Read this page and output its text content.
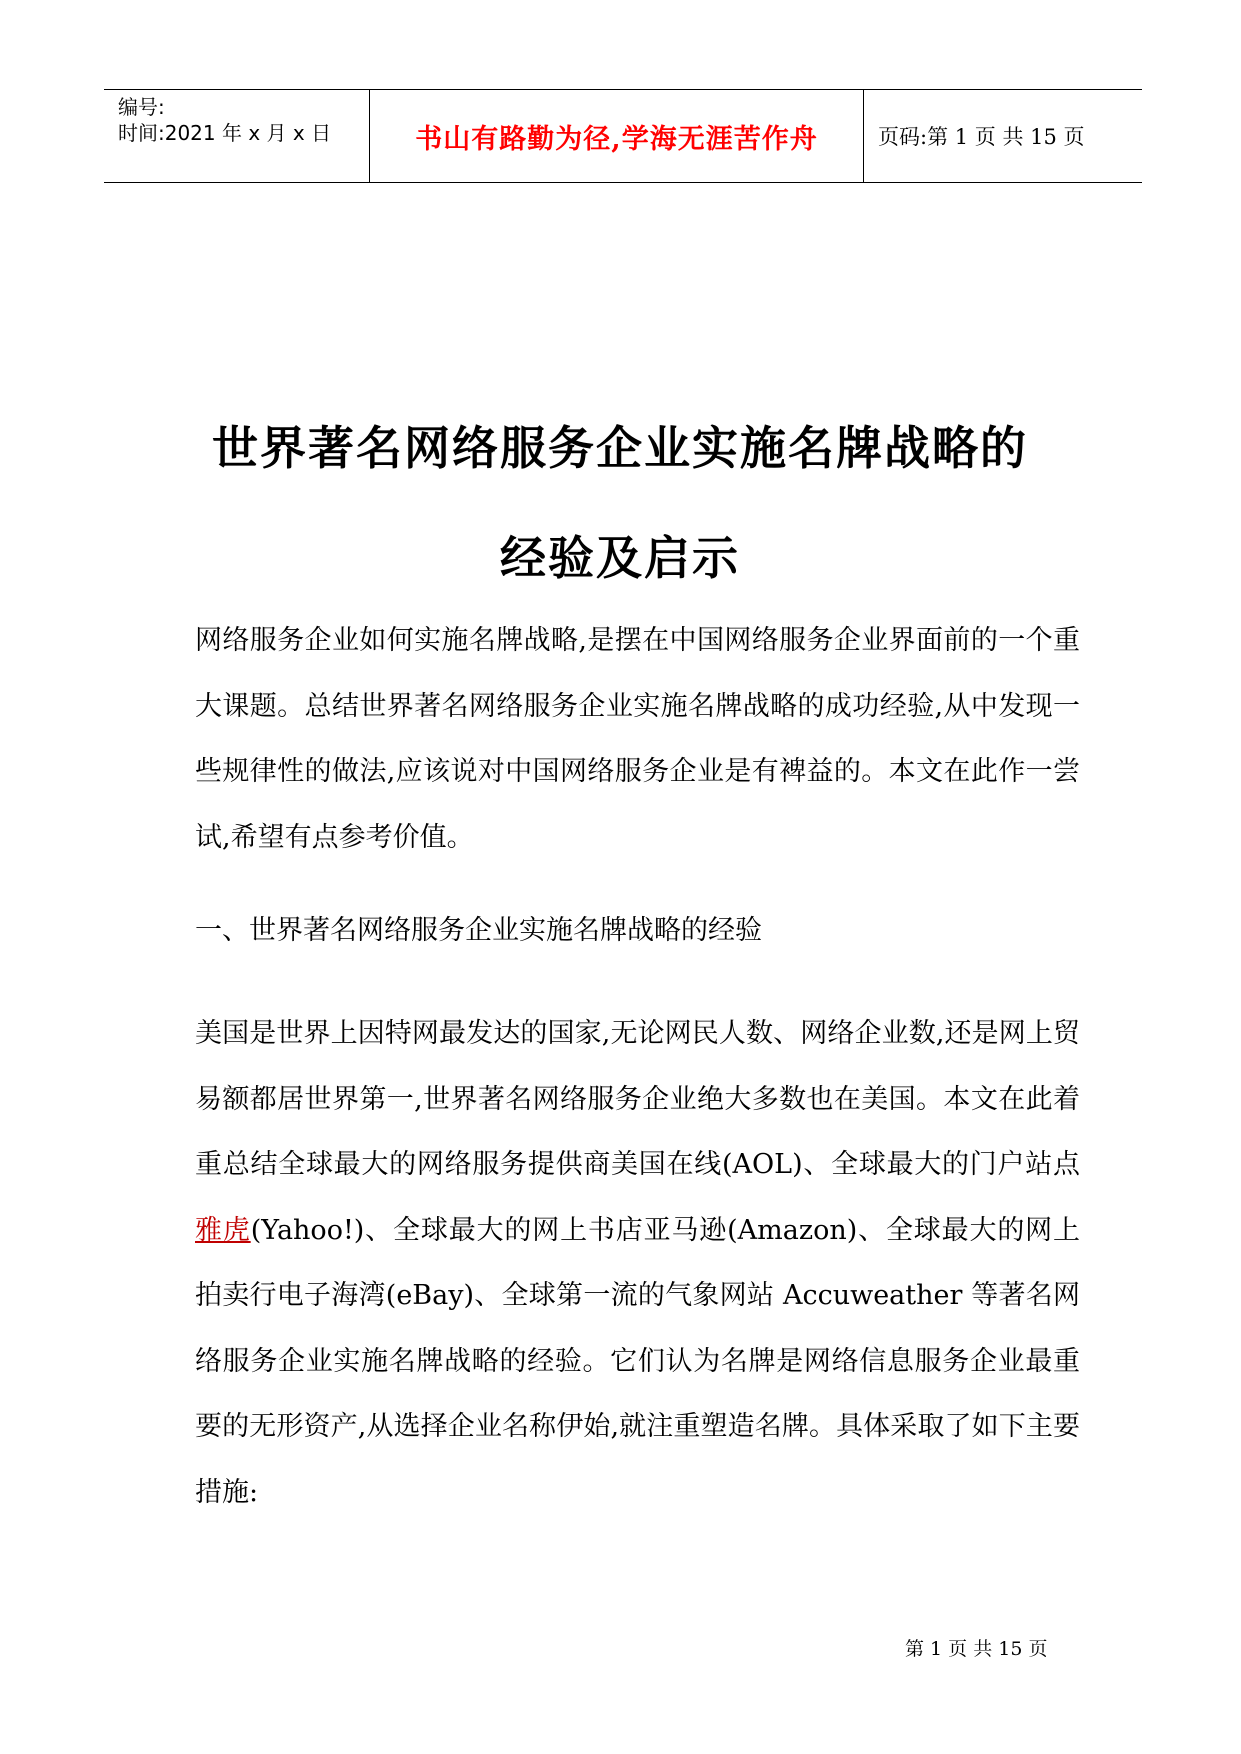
编号:
时间:2021 年 x 月 x 日	书山有路勤为径,学海无涯苦作舟	页码:第 1 页 共 15 页
世界著名网络服务企业实施名牌战略的
经验及启示
网络服务企业如何实施名牌战略,是摆在中国网络服务企业界面前的一个重大课题。总结世界著名网络服务企业实施名牌战略的成功经验,从中发现一些规律性的做法,应该说对中国网络服务企业是有裨益的。本文在此作一尝试,希望有点参考价值。
一、世界著名网络服务企业实施名牌战略的经验
美国是世界上因特网最发达的国家,无论网民人数、网络企业数,还是网上贸易额都居世界第一,世界著名网络服务企业绝大多数也在美国。本文在此着重总结全球最大的网络服务提供商美国在线(AOL)、全球最大的门户站点雅虎(Yahoo!)、全球最大的网上书店亚马逊(Amazon)、全球最大的网上拍卖行电子海湾(eBay)、全球第一流的气象网站 Accuweather 等著名网络服务企业实施名牌战略的经验。它们认为名牌是网络信息服务企业最重要的无形资产,从选择企业名称伊始,就注重塑造名牌。具体采取了如下主要措施:
第 1 页 共 15 页
